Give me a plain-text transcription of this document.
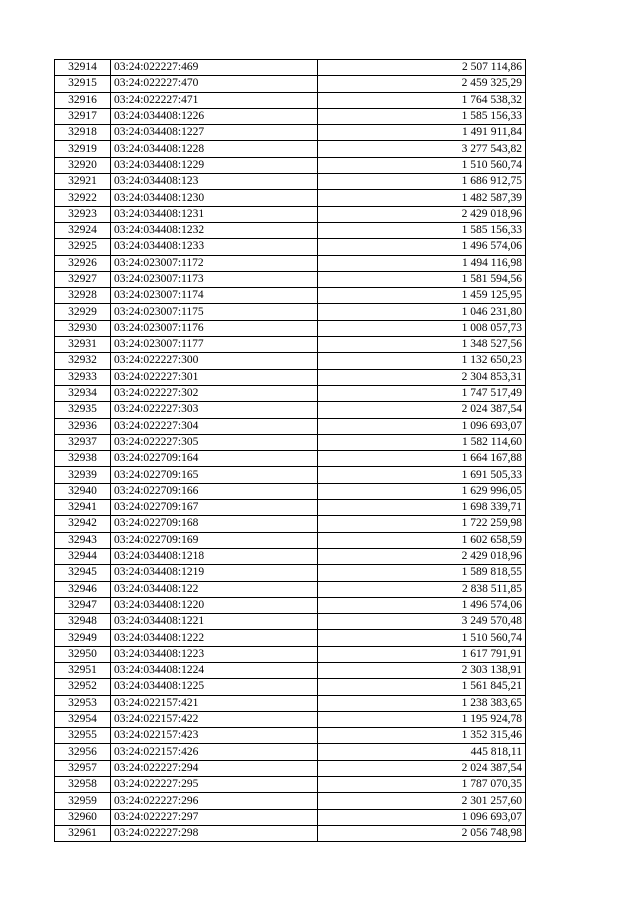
32914	03:24:022227:469	2 507 114,86
32915	03:24:022227:470	2 459 325,29
32916	03:24:022227:471	1 764 538,32
32917	03:24:034408:1226	1 585 156,33
32918	03:24:034408:1227	1 491 911,84
32919	03:24:034408:1228	3 277 543,82
32920	03:24:034408:1229	1 510 560,74
32921	03:24:034408:123	1 686 912,75
32922	03:24:034408:1230	1 482 587,39
32923	03:24:034408:1231	2 429 018,96
32924	03:24:034408:1232	1 585 156,33
32925	03:24:034408:1233	1 496 574,06
32926	03:24:023007:1172	1 494 116,98
32927	03:24:023007:1173	1 581 594,56
32928	03:24:023007:1174	1 459 125,95
32929	03:24:023007:1175	1 046 231,80
32930	03:24:023007:1176	1 008 057,73
32931	03:24:023007:1177	1 348 527,56
32932	03:24:022227:300	1 132 650,23
32933	03:24:022227:301	2 304 853,31
32934	03:24:022227:302	1 747 517,49
32935	03:24:022227:303	2 024 387,54
32936	03:24:022227:304	1 096 693,07
32937	03:24:022227:305	1 582 114,60
32938	03:24:022709:164	1 664 167,88
32939	03:24:022709:165	1 691 505,33
32940	03:24:022709:166	1 629 996,05
32941	03:24:022709:167	1 698 339,71
32942	03:24:022709:168	1 722 259,98
32943	03:24:022709:169	1 602 658,59
32944	03:24:034408:1218	2 429 018,96
32945	03:24:034408:1219	1 589 818,55
32946	03:24:034408:122	2 838 511,85
32947	03:24:034408:1220	1 496 574,06
32948	03:24:034408:1221	3 249 570,48
32949	03:24:034408:1222	1 510 560,74
32950	03:24:034408:1223	1 617 791,91
32951	03:24:034408:1224	2 303 138,91
32952	03:24:034408:1225	1 561 845,21
32953	03:24:022157:421	1 238 383,65
32954	03:24:022157:422	1 195 924,78
32955	03:24:022157:423	1 352 315,46
32956	03:24:022157:426	445 818,11
32957	03:24:022227:294	2 024 387,54
32958	03:24:022227:295	1 787 070,35
32959	03:24:022227:296	2 301 257,60
32960	03:24:022227:297	1 096 693,07
32961	03:24:022227:298	2 056 748,98
